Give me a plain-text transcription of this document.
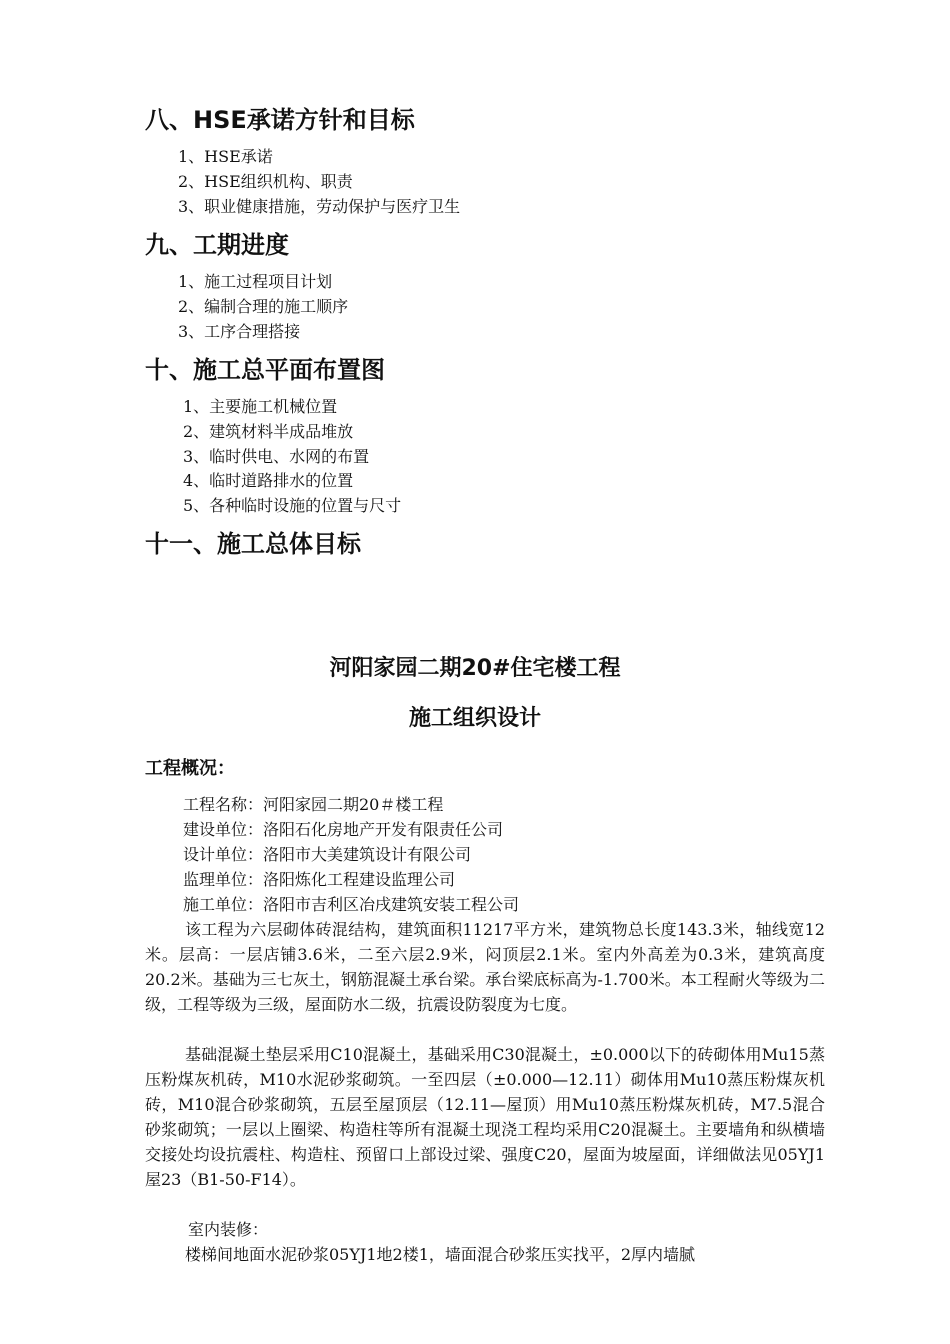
八、HSE承诺方针和目标

1、HSE承诺

2、HSE组织机构、职责

3、职业健康措施，劳动保护与医疗卫生

九、工期进度

1、施工过程项目计划

2、编制合理的施工顺序

3、工序合理搭接

十、施工总平面布置图

1、主要施工机械位置

2、建筑材料半成品堆放

3、临时供电、水网的布置

4、临时道路排水的位置

5、各种临时设施的位置与尺寸

十一、施工总体目标
河阳家园二期20#住宅楼工程
施工组织设计
工程概况：

工程名称：河阳家园二期20＃楼工程

建设单位：洛阳石化房地产开发有限责任公司

设计单位：洛阳市大美建筑设计有限公司

监理单位：洛阳炼化工程建设监理公司

施工单位：洛阳市吉利区冶戌建筑安装工程公司

该工程为六层砌体砖混结构，建筑面积11217平方米，建筑物总长度143.3米，轴线宽12米。层高：一层店铺3.6米，二至六层2.9米，闷顶层2.1米。室内外高差为0.3米，建筑高度20.2米。基础为三七灰土，钢筋混凝土承台梁。承台梁底标高为-1.700米。本工程耐火等级为二级，工程等级为三级，屋面防水二级，抗震设防裂度为七度。

基础混凝土垫层采用C10混凝土，基础采用C30混凝土，±0.000以下的砖砌体用Mu15蒸压粉煤灰机砖，M10水泥砂浆砌筑。一至四层（±0.000—12.11）砌体用Mu10蒸压粉煤灰机砖，M10混合砂浆砌筑，五层至屋顶层（12.11—屋顶）用Mu10蒸压粉煤灰机砖，M7.5混合砂浆砌筑；一层以上圈梁、构造柱等所有混凝土现浇工程均采用C20混凝土。主要墙角和纵横墙交接处均设抗震柱、构造柱、预留口上部设过梁、强度C20，屋面为坡屋面，详细做法见05YJ1屋23（B1-50-F14）。

室内装修：

楼梯间地面水泥砂浆05YJ1地2楼1，墙面混合砂浆压实找平，2厚内墙腻
